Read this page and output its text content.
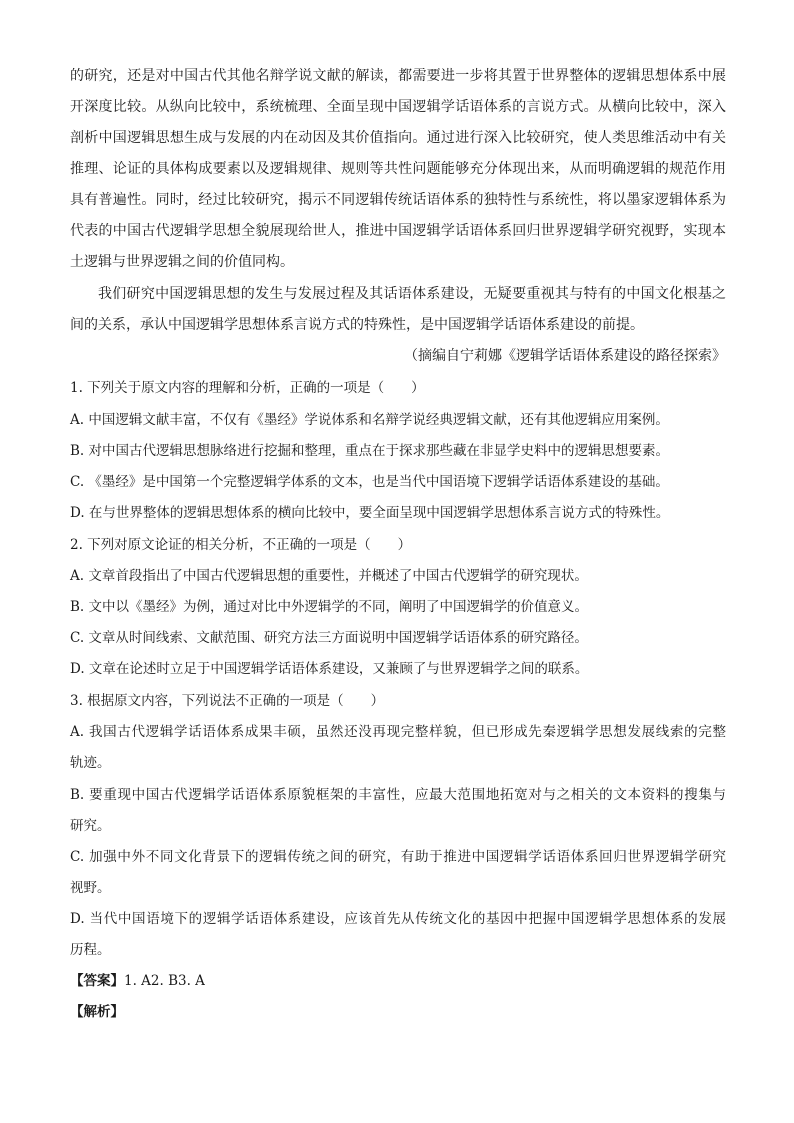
的研究，还是对中国古代其他名辩学说文献的解读，都需要进一步将其置于世界整体的逻辑思想体系中展
开深度比较。从纵向比较中，系统梳理、全面呈现中国逻辑学话语体系的言说方式。从横向比较中，深入
剖析中国逻辑思想生成与发展的内在动因及其价值指向。通过进行深入比较研究，使人类思维活动中有关
推理、论证的具体构成要素以及逻辑规律、规则等共性问题能够充分体现出来，从而明确逻辑的规范作用
具有普遍性。同时，经过比较研究，揭示不同逻辑传统话语体系的独特性与系统性，将以墨家逻辑体系为
代表的中国古代逻辑学思想全貌展现给世人，推进中国逻辑学话语体系回归世界逻辑学研究视野，实现本
土逻辑与世界逻辑之间的价值同构。
我们研究中国逻辑思想的发生与发展过程及其话语体系建设，无疑要重视其与特有的中国文化根基之
间的关系，承认中国逻辑学思想体系言说方式的特殊性，是中国逻辑学话语体系建设的前提。
（摘编自宁莉娜《逻辑学话语体系建设的路径探索》
1. 下列关于原文内容的理解和分析，正确的一项是（　　）
A. 中国逻辑文献丰富，不仅有《墨经》学说体系和名辩学说经典逻辑文献，还有其他逻辑应用案例。
B. 对中国古代逻辑思想脉络进行挖掘和整理，重点在于探求那些藏在非显学史料中的逻辑思想要素。
C. 《墨经》是中国第一个完整逻辑学体系的文本，也是当代中国语境下逻辑学话语体系建设的基础。
D. 在与世界整体的逻辑思想体系的横向比较中，要全面呈现中国逻辑学思想体系言说方式的特殊性。
2. 下列对原文论证的相关分析，不正确的一项是（　　）
A. 文章首段指出了中国古代逻辑思想的重要性，并概述了中国古代逻辑学的研究现状。
B. 文中以《墨经》为例，通过对比中外逻辑学的不同，阐明了中国逻辑学的价值意义。
C. 文章从时间线索、文献范围、研究方法三方面说明中国逻辑学话语体系的研究路径。
D. 文章在论述时立足于中国逻辑学话语体系建设，又兼顾了与世界逻辑学之间的联系。
3. 根据原文内容，下列说法不正确的一项是（　　）
A. 我国古代逻辑学话语体系成果丰硕，虽然还没再现完整样貌，但已形成先秦逻辑学思想发展线索的完整
轨迹。
B. 要重现中国古代逻辑学话语体系原貌框架的丰富性，应最大范围地拓宽对与之相关的文本资料的搜集与
研究。
C. 加强中外不同文化背景下的逻辑传统之间的研究，有助于推进中国逻辑学话语体系回归世界逻辑学研究
视野。
D. 当代中国语境下的逻辑学话语体系建设，应该首先从传统文化的基因中把握中国逻辑学思想体系的发展
历程。
【答案】1. A2. B3. A
【解析】
